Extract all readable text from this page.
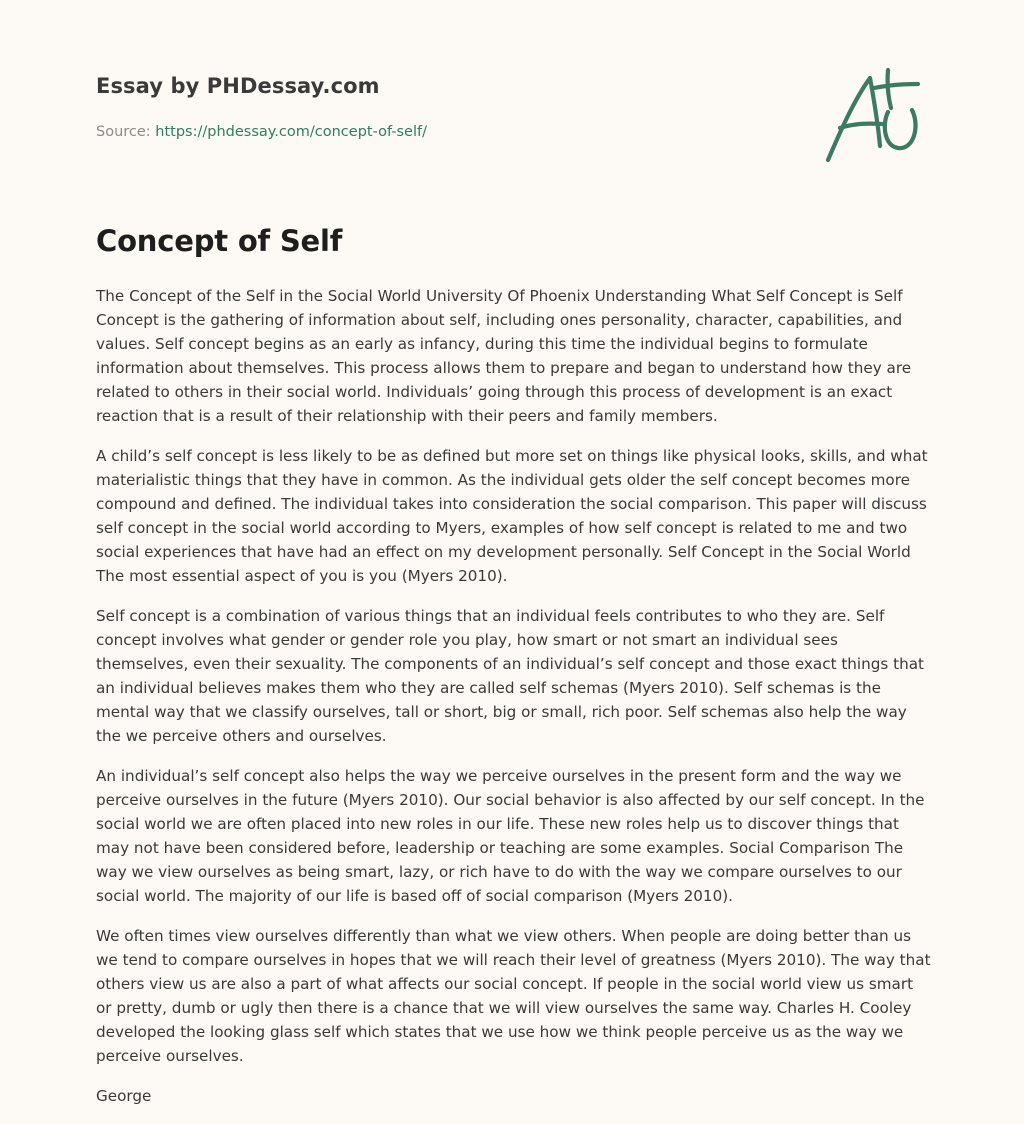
Essay by PHDessay.com
Source: https://phdessay.com/concept-of-self/
A+
Concept of Self

The Concept of the Self in the Social World University Of Phoenix Understanding What Self Concept is Self Concept is the gathering of information about self, including ones personality, character, capabilities, and values. Self concept begins as an early as infancy, during this time the individual begins to formulate information about themselves. This process allows them to prepare and began to understand how they are related to others in their social world. Individuals’ going through this process of development is an exact reaction that is a result of their relationship with their peers and family members.

A child’s self concept is less likely to be as defined but more set on things like physical looks, skills, and what materialistic things that they have in common. As the individual gets older the self concept becomes more compound and defined. The individual takes into consideration the social comparison. This paper will discuss self concept in the social world according to Myers, examples of how self concept is related to me and two social experiences that have had an effect on my development personally. Self Concept in the Social World The most essential aspect of you is you (Myers 2010).

Self concept is a combination of various things that an individual feels contributes to who they are. Self concept involves what gender or gender role you play, how smart or not smart an individual sees themselves, even their sexuality. The components of an individual’s self concept and those exact things that an individual believes makes them who they are called self schemas (Myers 2010). Self schemas is the mental way that we classify ourselves, tall or short, big or small, rich poor. Self schemas also help the way the we perceive others and ourselves.

An individual’s self concept also helps the way we perceive ourselves in the present form and the way we perceive ourselves in the future (Myers 2010). Our social behavior is also affected by our self concept. In the social world we are often placed into new roles in our life. These new roles help us to discover things that may not have been considered before, leadership or teaching are some examples. Social Comparison The way we view ourselves as being smart, lazy, or rich have to do with the way we compare ourselves to our social world. The majority of our life is based off of social comparison (Myers 2010).

We often times view ourselves differently than what we view others. When people are doing better than us we tend to compare ourselves in hopes that we will reach their level of greatness (Myers 2010). The way that others view us are also a part of what affects our social concept. If people in the social world view us smart or pretty, dumb or ugly then there is a chance that we will view ourselves the same way. Charles H. Cooley developed the looking glass self which states that we use how we think people perceive us as the way we perceive ourselves.

George
